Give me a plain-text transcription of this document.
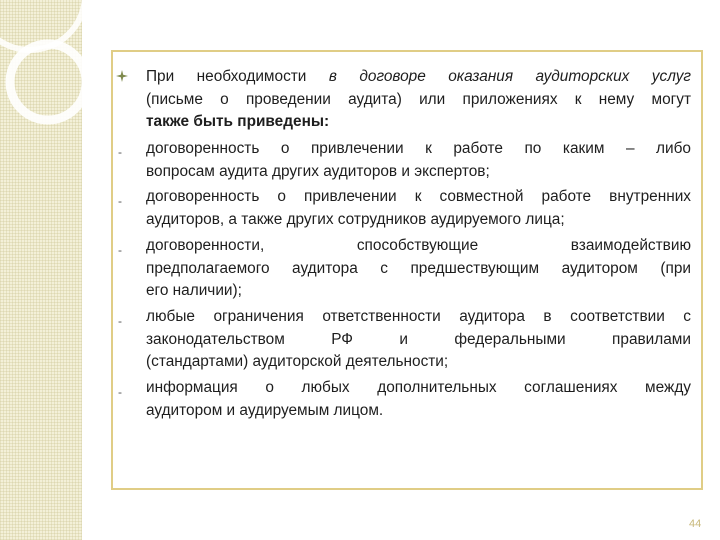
При необходимости в договоре оказания аудиторских услуг
(письме о проведении аудита) или приложениях к нему могут
также быть приведены:
- договоренность о привлечении к работе по каким – либо
вопросам аудита других аудиторов и экспертов;
- договоренность о привлечении к совместной работе внутренних
аудиторов, а также других сотрудников аудируемого лица;
- договоренности, способствующие взаимодействию
предполагаемого аудитора с предшествующим аудитором (при
его наличии);
- любые ограничения ответственности аудитора в соответствии с
законодательством РФ и федеральными правилами
(стандартами) аудиторской деятельности;
- информация о любых дополнительных соглашениях между
аудитором и аудируемым лицом.
44
